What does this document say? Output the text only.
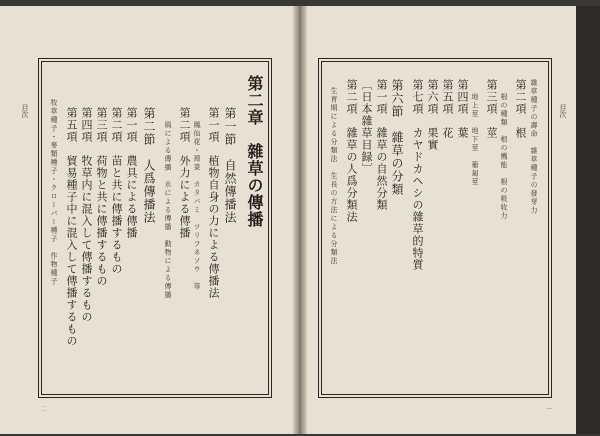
目次	目次
第二章　雜草の傳播
第一節　自然傳播法
第一項　植物自身の力による傳播法
鳳仙花・蔊菜　カタバミ　ツリフネソウ　等
第二項　外力による傳播
風による傳播　水による傳播　動物による傳播
第二節　人爲傳播法
第一項　農具による傳播
第二項　苗と共に傳播するもの
第三項　荷物と共に傳播するもの
第四項　牧草内に混入して傳播するもの
第五項　貿易種子中に混入して傳播するもの
牧草種子・麥類種子・クローバー種子　作物種子	雜草種子の壽命　雜草種子の發芽力
第二項　根
根の種類　根の機能　根の吸收力
第三項　莖
地上莖　地下莖　葡匐莖
第四項　葉
第五項　花
第六項　果實
第七項　カヤドカヘシの雜草的特質
第六節　雜草の分類
第一項　雜草の自然分類
〔日本雜草目録〕
第二項　雜草の人爲分類法
生育期による分類法　生長の方法による分類法
二	一
